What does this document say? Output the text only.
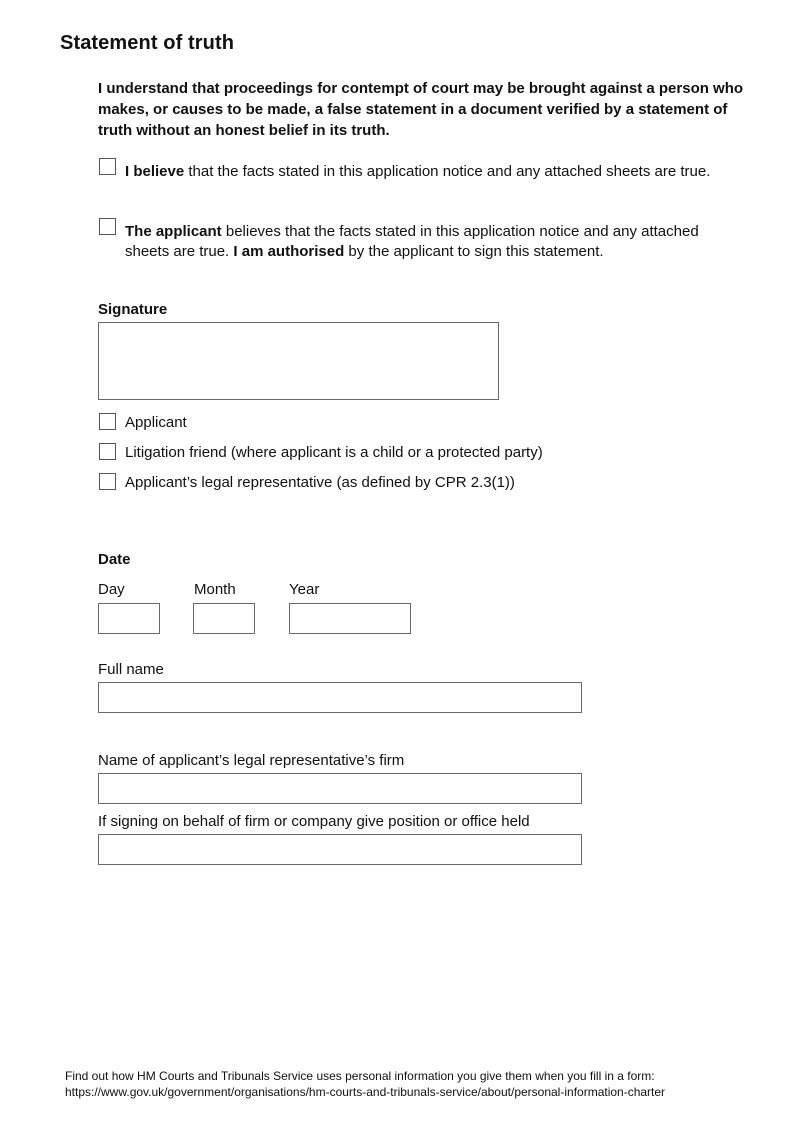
Statement of truth
I understand that proceedings for contempt of court may be brought against a person who makes, or causes to be made, a false statement in a document verified by a statement of truth without an honest belief in its truth.
I believe that the facts stated in this application notice and any attached sheets are true.
The applicant believes that the facts stated in this application notice and any attached sheets are true. I am authorised by the applicant to sign this statement.
Signature
Applicant
Litigation friend (where applicant is a child or a protected party)
Applicant’s legal representative (as defined by CPR 2.3(1))
Date
Day	Month	Year
Full name
Name of applicant’s legal representative’s firm
If signing on behalf of firm or company give position or office held
Find out how HM Courts and Tribunals Service uses personal information you give them when you fill in a form:
https://www.gov.uk/government/organisations/hm-courts-and-tribunals-service/about/personal-information-charter
